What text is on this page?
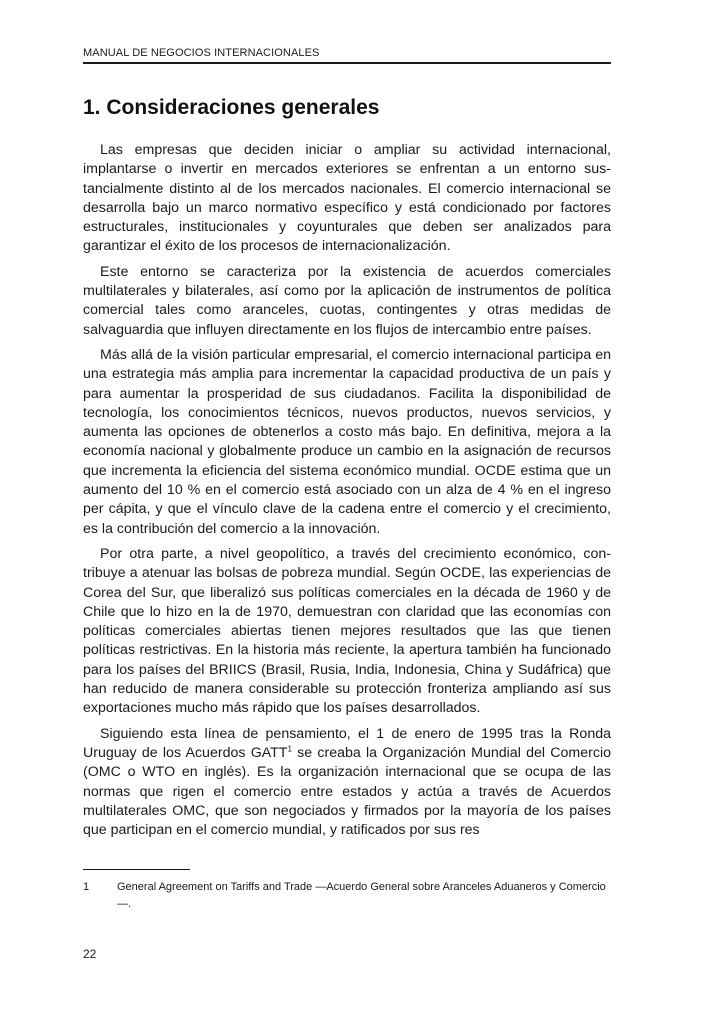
MANUAL DE NEGOCIOS INTERNACIONALES
1. Consideraciones generales

Las empresas que deciden iniciar o ampliar su actividad internacional, implantarse o invertir en mercados exteriores se enfrentan a un entorno sustancialmente distinto al de los mercados nacionales. El comercio internacional se desarrolla bajo un marco normativo específico y está condicionado por factores estructurales, institucionales y coyunturales que deben ser analizados para garantizar el éxito de los procesos de internacionalización.

Este entorno se caracteriza por la existencia de acuerdos comerciales multilaterales y bilaterales, así como por la aplicación de instrumentos de política comercial tales como aranceles, cuotas, contingentes y otras medidas de salvaguardia que influyen directamente en los flujos de intercambio entre países.

Más allá de la visión particular empresarial, el comercio internacional participa en una estrategia más amplia para incrementar la capacidad productiva de un país y para aumentar la prosperidad de sus ciudadanos. Facilita la disponibilidad de tecnología, los conocimientos técnicos, nuevos productos, nuevos servicios, y aumenta las opciones de obtenerlos a costo más bajo. En definitiva, mejora a la economía nacional y globalmente produce un cambio en la asignación de recursos que incrementa la eficiencia del sistema económico mundial. OCDE estima que un aumento del 10 % en el comercio está asociado con un alza de 4 % en el ingreso per cápita, y que el vínculo clave de la cadena entre el comercio y el crecimiento, es la contribución del comercio a la innovación.

Por otra parte, a nivel geopolítico, a través del crecimiento económico, contribuye a atenuar las bolsas de pobreza mundial. Según OCDE, las experiencias de Corea del Sur, que liberalizó sus políticas comerciales en la década de 1960 y de Chile que lo hizo en la de 1970, demuestran con claridad que las economías con políticas comerciales abiertas tienen mejores resultados que las que tienen políticas restrictivas. En la historia más reciente, la apertura también ha funcionado para los países del BRIICS (Brasil, Rusia, India, Indonesia, China y Sudáfrica) que han reducido de manera considerable su protección fronteriza ampliando así sus exportaciones mucho más rápido que los países desarrollados.

Siguiendo esta línea de pensamiento, el 1 de enero de 1995 tras la Ronda Uruguay de los Acuerdos GATT$^1$ se creaba la Organización Mundial del Comercio (OMC o WTO en inglés). Es la organización internacional que se ocupa de las normas que rigen el comercio entre estados y actúa a través de Acuerdos multilaterales OMC, que son negociados y firmados por la mayoría de los países que participan en el comercio mundial, y ratificados por sus res

1	General Agreement on Tariffs and Trade —Acuerdo General sobre Aranceles Aduaneros y Comercio—.
22
